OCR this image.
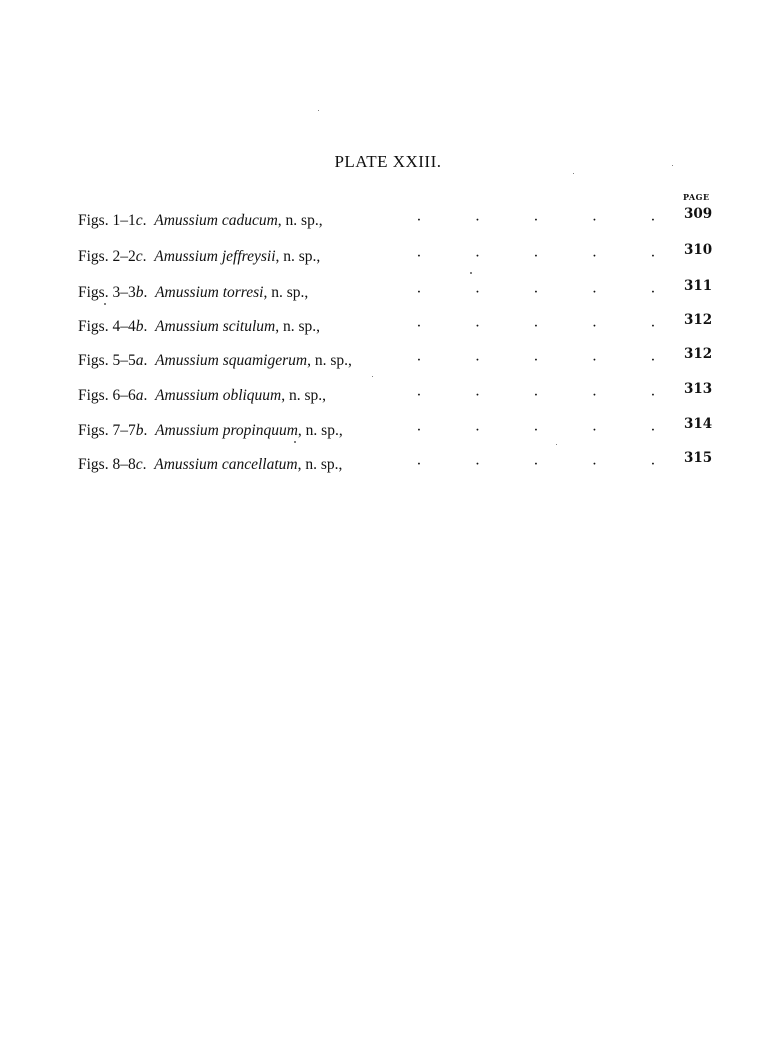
PLATE XXIII.
PAGE
Figs. 1–1c.  Amussium caducum, n. sp.,	·	·	·	·	· 309
Figs. 2–2c.  Amussium jeffreysii, n. sp.,	·	·	·	·	· 310
Figs. 3–3b.  Amussium torresi, n. sp.,	·	·	·	·	· 311
Figs. 4–4b.  Amussium scitulum, n. sp.,	·	·	·	·	· 312
Figs. 5–5a.  Amussium squamigerum, n. sp.,	·	·	·	·	· 312
Figs. 6–6a.  Amussium obliquum, n. sp.,	·	·	·	·	· 313
Figs. 7–7b.  Amussium propinquum, n. sp.,	·	·	·	·	· 314
Figs. 8–8c.  Amussium cancellatum, n. sp.,	·	·	·	·	· 315
